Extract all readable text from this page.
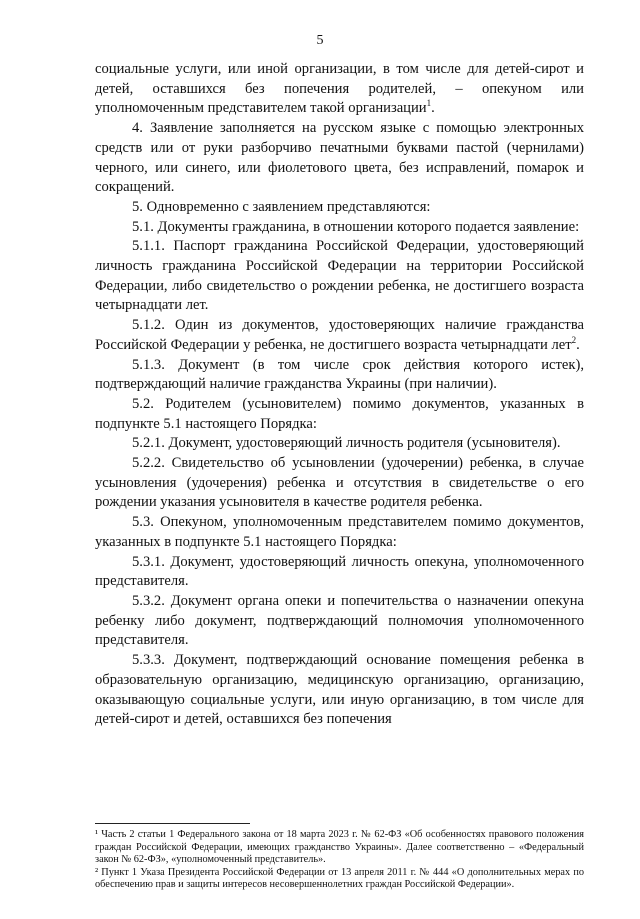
5

социальные услуги, или иной организации, в том числе для детей-сирот и детей, оставшихся без попечения родителей, – опекуном или уполномоченным представителем такой организации$^1$.

4. Заявление заполняется на русском языке с помощью электронных средств или от руки разборчиво печатными буквами пастой (чернилами) черного, или синего, или фиолетового цвета, без исправлений, помарок и сокращений.

5. Одновременно с заявлением представляются:

5.1. Документы гражданина, в отношении которого подается заявление:

5.1.1. Паспорт гражданина Российской Федерации, удостоверяющий личность гражданина Российской Федерации на территории Российской Федерации, либо свидетельство о рождении ребенка, не достигшего возраста четырнадцати лет.

5.1.2. Один из документов, удостоверяющих наличие гражданства Российской Федерации у ребенка, не достигшего возраста четырнадцати лет$^2$.

5.1.3. Документ (в том числе срок действия которого истек), подтверждающий наличие гражданства Украины (при наличии).

5.2. Родителем (усыновителем) помимо документов, указанных в подпункте 5.1 настоящего Порядка:

5.2.1. Документ, удостоверяющий личность родителя (усыновителя).

5.2.2. Свидетельство об усыновлении (удочерении) ребенка, в случае усыновления (удочерения) ребенка и отсутствия в свидетельстве о его рождении указания усыновителя в качестве родителя ребенка.

5.3. Опекуном, уполномоченным представителем помимо документов, указанных в подпункте 5.1 настоящего Порядка:

5.3.1. Документ, удостоверяющий личность опекуна, уполномоченного представителя.

5.3.2. Документ органа опеки и попечительства о назначении опекуна ребенку либо документ, подтверждающий полномочия уполномоченного представителя.

5.3.3. Документ, подтверждающий основание помещения ребенка в образовательную организацию, медицинскую организацию, организацию, оказывающую социальные услуги, или иную организацию, в том числе для детей-сирот и детей, оставшихся без попечения

¹ Часть 2 статьи 1 Федерального закона от 18 марта 2023 г. № 62-ФЗ «Об особенностях правового положения граждан Российской Федерации, имеющих гражданство Украины». Далее соответственно – «Федеральный закон № 62-ФЗ», «уполномоченный представитель».

² Пункт 1 Указа Президента Российской Федерации от 13 апреля 2011 г. № 444 «О дополнительных мерах по обеспечению прав и защиты интересов несовершеннолетних граждан Российской Федерации».
